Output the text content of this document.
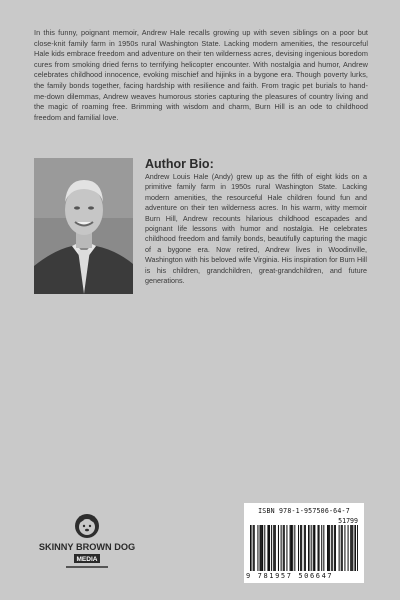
In this funny, poignant memoir, Andrew Hale recalls growing up with seven siblings on a poor but close-knit family farm in 1950s rural Washington State. Lacking modern amenities, the resourceful Hale kids embrace freedom and adventure on their ten wilderness acres, devising ingenious boredom cures from smoking dried ferns to terrifying helicopter encounter. With nostalgia and humor, Andrew celebrates childhood innocence, evoking mischief and hijinks in a bygone era. Though poverty lurks, the family bonds together, facing hardship with resilience and faith. From tragic pet burials to hand-me-down dilemmas, Andrew weaves humorous stories capturing the pleasures of country living and the magic of roaming free. Brimming with wisdom and charm, Burn Hill is an ode to childhood freedom and familial love.
Author Bio:
Andrew Louis Hale (Andy) grew up as the fifth of eight kids on a primitive family farm in 1950s rural Washington State. Lacking modern amenities, the resourceful Hale children found fun and adventure on their ten wilderness acres. In his warm, witty memoir Burn Hill, Andrew recounts hilarious childhood escapades and poignant life lessons with humor and nostalgia. He celebrates childhood freedom and family bonds, beautifully capturing the magic of a bygone era. Now retired, Andrew lives in Woodinville, Washington with his beloved wife Virginia. His inspiration for Burn Hill is his children, grandchildren, great-grandchildren, and future generations.
SKINNY BROWN DOG
MEDIA
ISBN 978-1-957506-64-7
51799
9 781957 506647
